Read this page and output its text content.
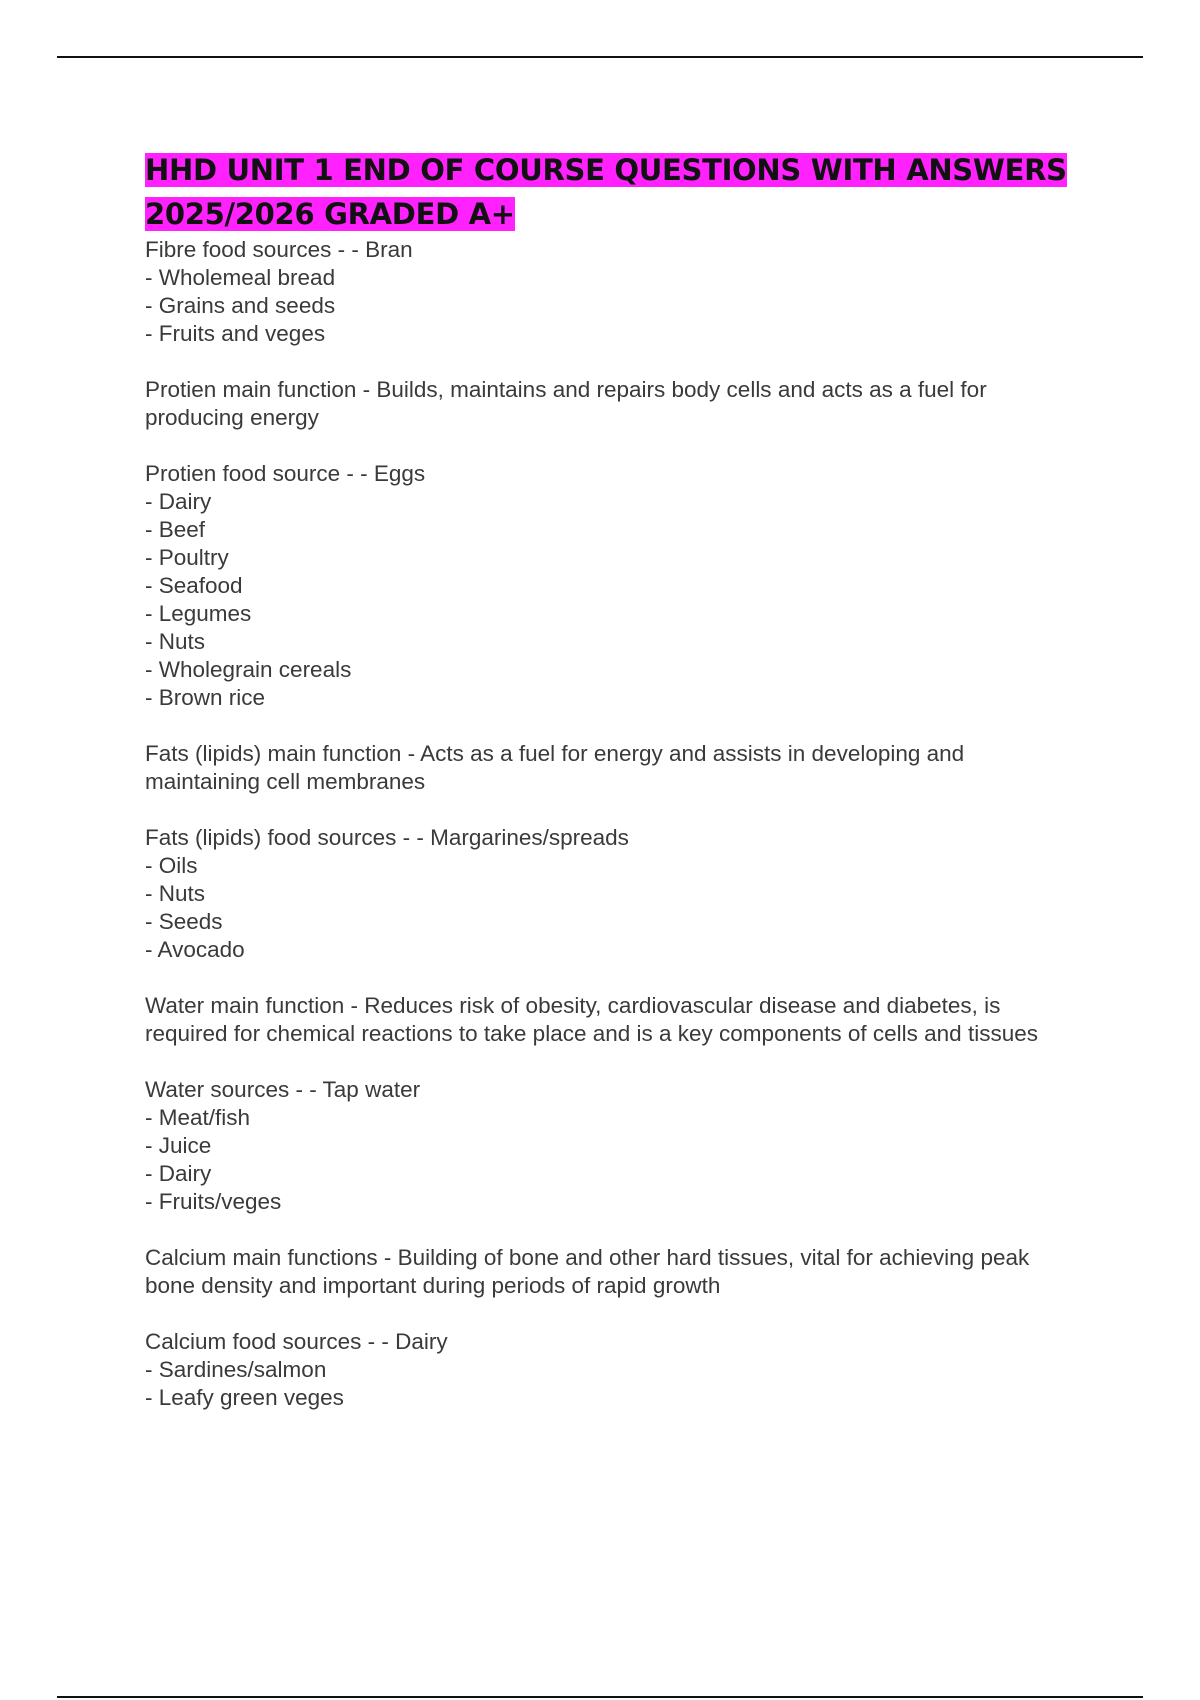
HHD UNIT 1 END OF COURSE QUESTIONS WITH ANSWERS 2025/2026 GRADED A+

Fibre food sources - - Bran

- Wholemeal bread
- Grains and seeds
- Fruits and veges

Protien main function - Builds, maintains and repairs body cells and acts as a fuel for producing energy

Protien food source - - Eggs

- Dairy
- Beef
- Poultry
- Seafood
- Legumes
- Nuts
- Wholegrain cereals
- Brown rice

Fats (lipids) main function - Acts as a fuel for energy and assists in developing and maintaining cell membranes

Fats (lipids) food sources - - Margarines/spreads

- Oils
- Nuts
- Seeds
- Avocado

Water main function - Reduces risk of obesity, cardiovascular disease and diabetes, is required for chemical reactions to take place and is a key components of cells and tissues

Water sources - - Tap water

- Meat/fish
- Juice
- Dairy
- Fruits/veges

Calcium main functions - Building of bone and other hard tissues, vital for achieving peak bone density and important during periods of rapid growth

Calcium food sources - - Dairy

- Sardines/salmon
- Leafy green veges
